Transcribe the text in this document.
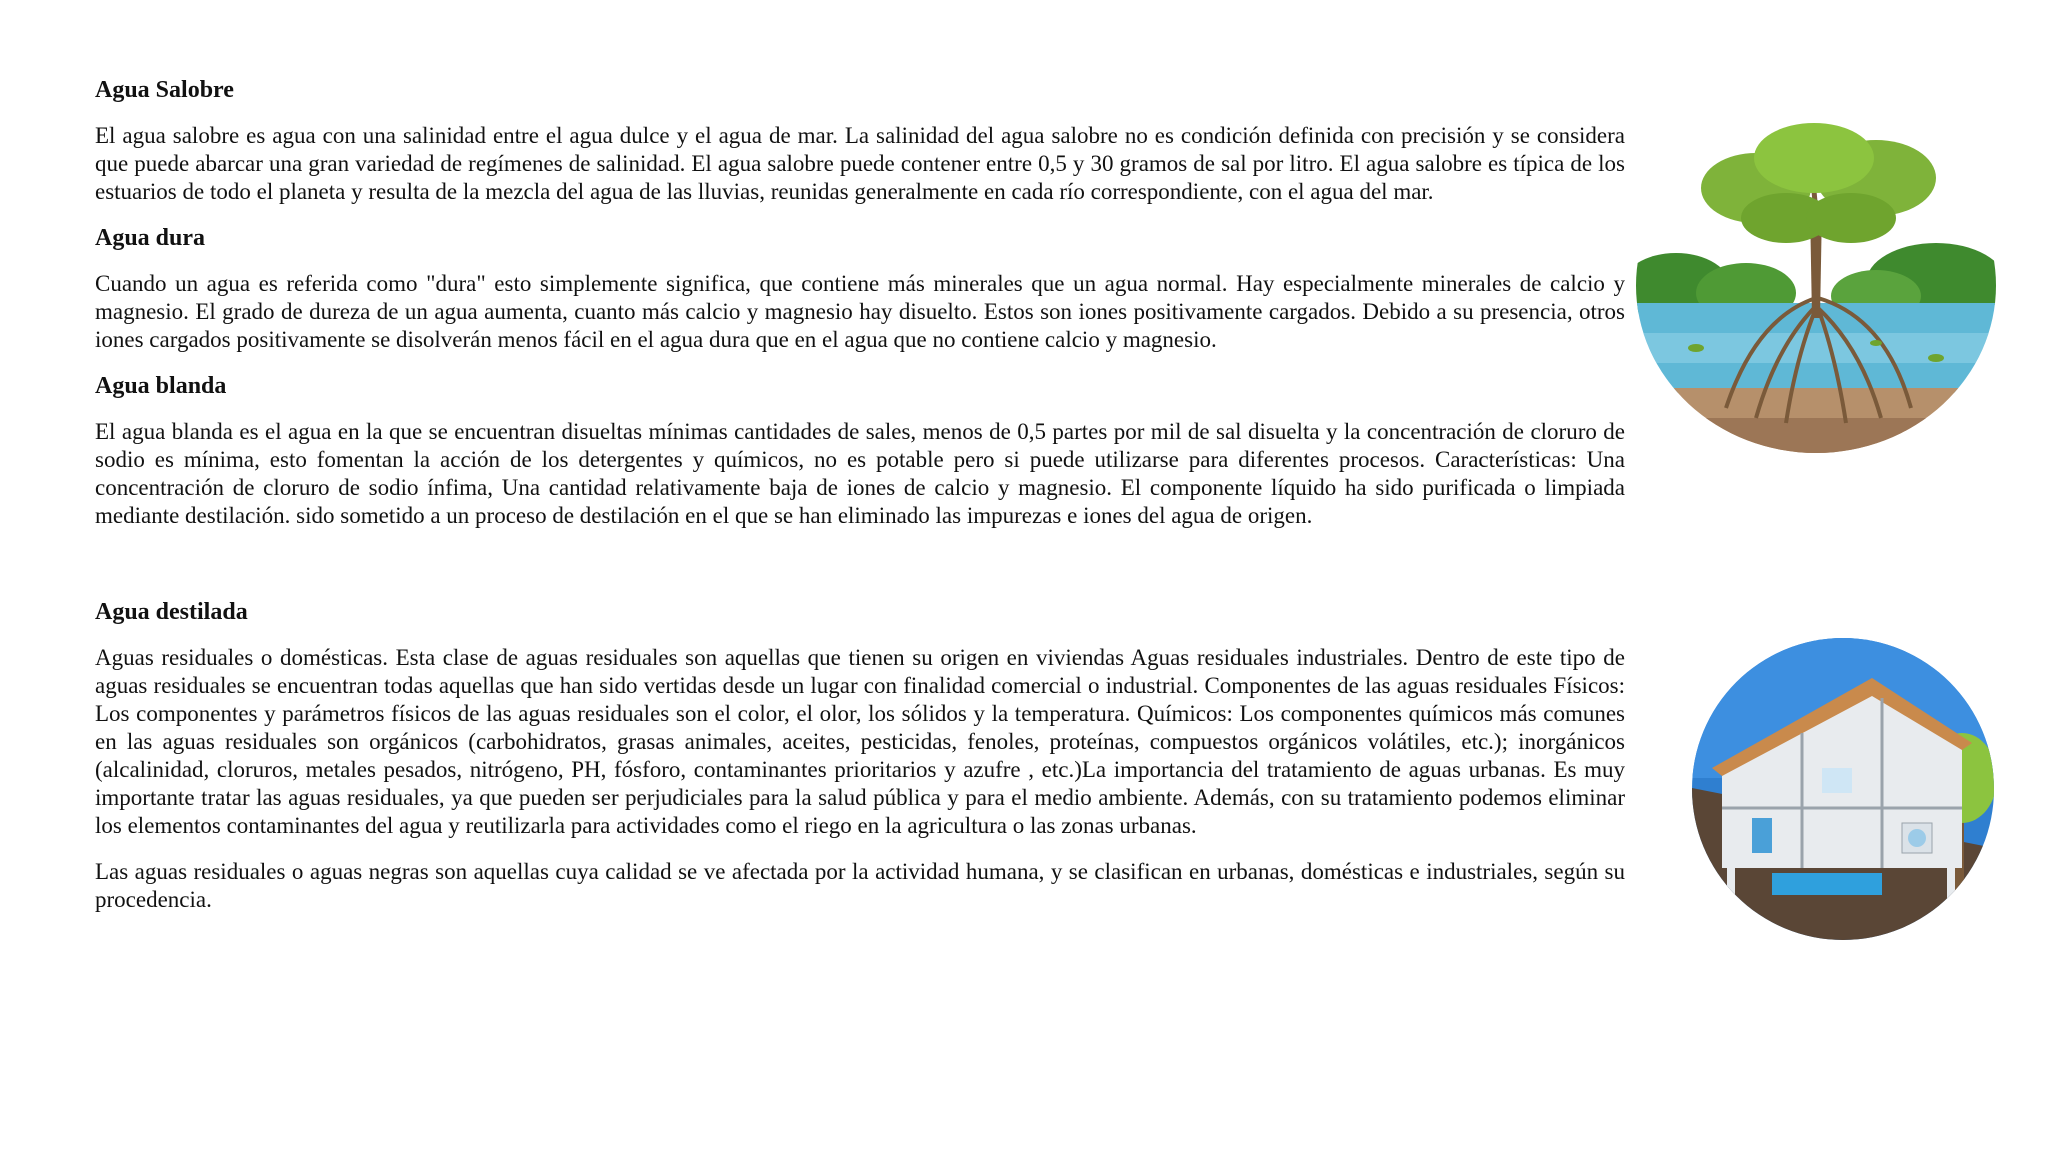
Agua Salobre

El agua salobre es agua con una salinidad entre el agua dulce y el agua de mar. La salinidad del agua salobre no es condición definida con precisión y se considera que puede abarcar una gran variedad de regímenes de salinidad. El agua salobre puede contener entre 0,5 y 30 gramos de sal por litro. El agua salobre es típica de los estuarios de todo el planeta y resulta de la mezcla del agua de las lluvias, reunidas generalmente en cada río correspondiente, con el agua del mar.

Agua dura

Cuando un agua es referida como "dura" esto simplemente significa, que contiene más minerales que un agua normal. Hay especialmente minerales de calcio y magnesio. El grado de dureza de un agua aumenta, cuanto más calcio y magnesio hay disuelto. Estos son iones positivamente cargados. Debido a su presencia, otros iones cargados positivamente se disolverán menos fácil en el agua dura que en el agua que no contiene calcio y magnesio.

Agua blanda

El agua blanda es el agua en la que se encuentran disueltas mínimas cantidades de sales, menos de 0,5 partes por mil de sal disuelta y la concentración de cloruro de sodio es mínima, esto fomentan la acción de los detergentes y químicos, no es potable pero si puede utilizarse para diferentes procesos. Características: Una concentración de cloruro de sodio ínfima, Una cantidad relativamente baja de iones de calcio y magnesio. El componente líquido ha sido purificada o limpiada mediante destilación. sido sometido a un proceso de destilación en el que se han eliminado las impurezas e iones del agua de origen.

Agua destilada

Aguas residuales o domésticas. Esta clase de aguas residuales son aquellas que tienen su origen en viviendas Aguas residuales industriales. Dentro de este tipo de aguas residuales se encuentran todas aquellas que han sido vertidas desde un lugar con finalidad comercial o industrial. Componentes de las aguas residuales Físicos: Los componentes y parámetros físicos de las aguas residuales son el color, el olor, los sólidos y la temperatura. Químicos: Los componentes químicos más comunes en las aguas residuales son orgánicos (carbohidratos, grasas animales, aceites, pesticidas, fenoles, proteínas, compuestos orgánicos volátiles, etc.); inorgánicos (alcalinidad, cloruros, metales pesados, nitrógeno, PH, fósforo, contaminantes prioritarios y azufre , etc.)La importancia del tratamiento de aguas urbanas. Es muy importante tratar las aguas residuales, ya que pueden ser perjudiciales para la salud pública y para el medio ambiente. Además, con su tratamiento podemos eliminar los elementos contaminantes del agua y reutilizarla para actividades como el riego en la agricultura o las zonas urbanas.

Las aguas residuales o aguas negras son aquellas cuya calidad se ve afectada por la actividad humana, y se clasifican en urbanas, domésticas e industriales, según su procedencia.
